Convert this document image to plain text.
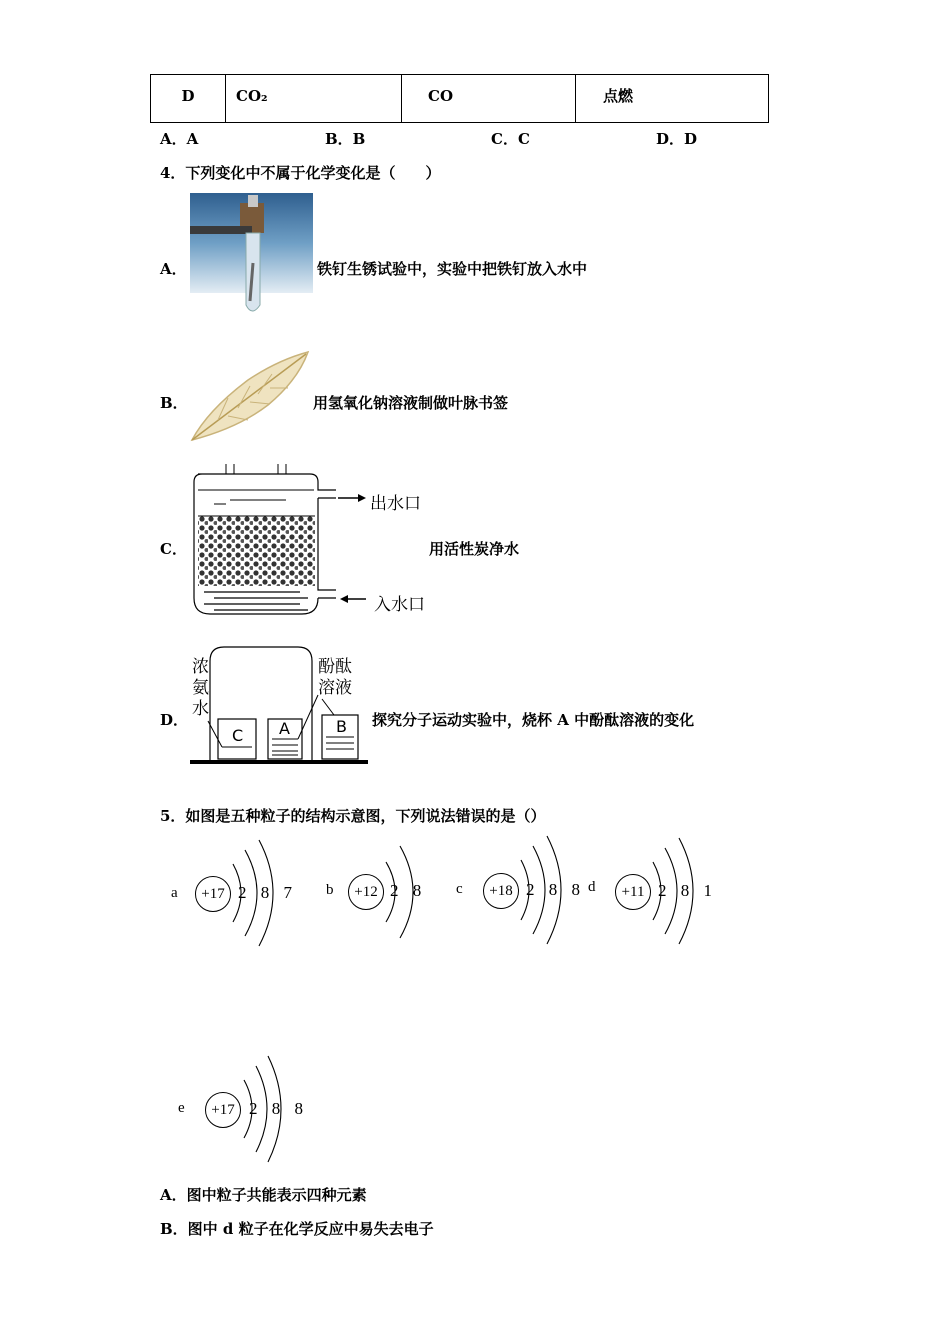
D	CO₂	CO	点燃
A．A	B．B	C．C	D．D
4．下列变化中不属于化学变化是（　　）
A．	铁钉生锈试验中，实验中把铁钉放入水中
B．	用氢氧化钠溶液制做叶脉书签
C．
出水口
入水口
用活性炭净水
D．
浓
氨
水
酚酞
溶液
C A	B 探究分子运动实验中，烧杯 A 中酚酞溶液的变化
5．如图是五种粒子的结构示意图，下列说法错误的是（）
a	+17 2 8 7 b	+12 2 8 c	+18 2 8 8 d	+11 2 8 1
e	+17 2 8 8
A．图中粒子共能表示四种元素
B．图中 d 粒子在化学反应中易失去电子
